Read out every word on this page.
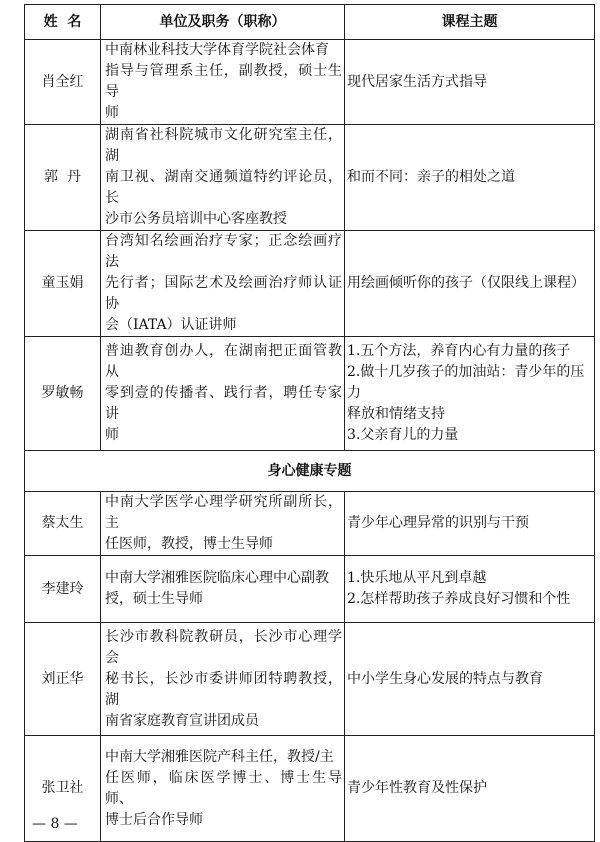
姓  名	单位及职务（职称）	课程主题
肖全红	中南林业科技大学体育学院社会体育
指导与管理系主任，副教授，硕士生导
师	现代居家生活方式指导

郭  丹	湖南省社科院城市文化研究室主任，湖
南卫视、湖南交通频道特约评论员，长
沙市公务员培训中心客座教授	和而不同：亲子的相处之道

童玉娟	台湾知名绘画治疗专家；正念绘画疗法
先行者；国际艺术及绘画治疗师认证协
会（IATA）认证讲师	用绘画倾听你的孩子（仅限线上课程）

罗敏畅	普迪教育创办人，在湖南把正面管教从
零到壹的传播者、践行者，聘任专家讲
师	1.五个方法，养育内心有力量的孩子
2.做十几岁孩子的加油站：青少年的压力
释放和情绪支持
3.父亲育儿的力量

身心健康专题		
蔡太生	中南大学医学心理学研究所副所长，主
任医师，教授，博士生导师	青少年心理异常的识别与干预

李建玲	中南大学湘雅医院临床心理中心副教
授，硕士生导师	1.快乐地从平凡到卓越
2.怎样帮助孩子养成良好习惯和个性

刘正华	长沙市教科院教研员，长沙市心理学会
秘书长，长沙市委讲师团特聘教授，湖
南省家庭教育宣讲团成员	中小学生身心发展的特点与教育

张卫社	中南大学湘雅医院产科主任，教授/主
任医师，临床医学博士、博士生导师、
博士后合作导师	青少年性教育及性保护
— 8 —
